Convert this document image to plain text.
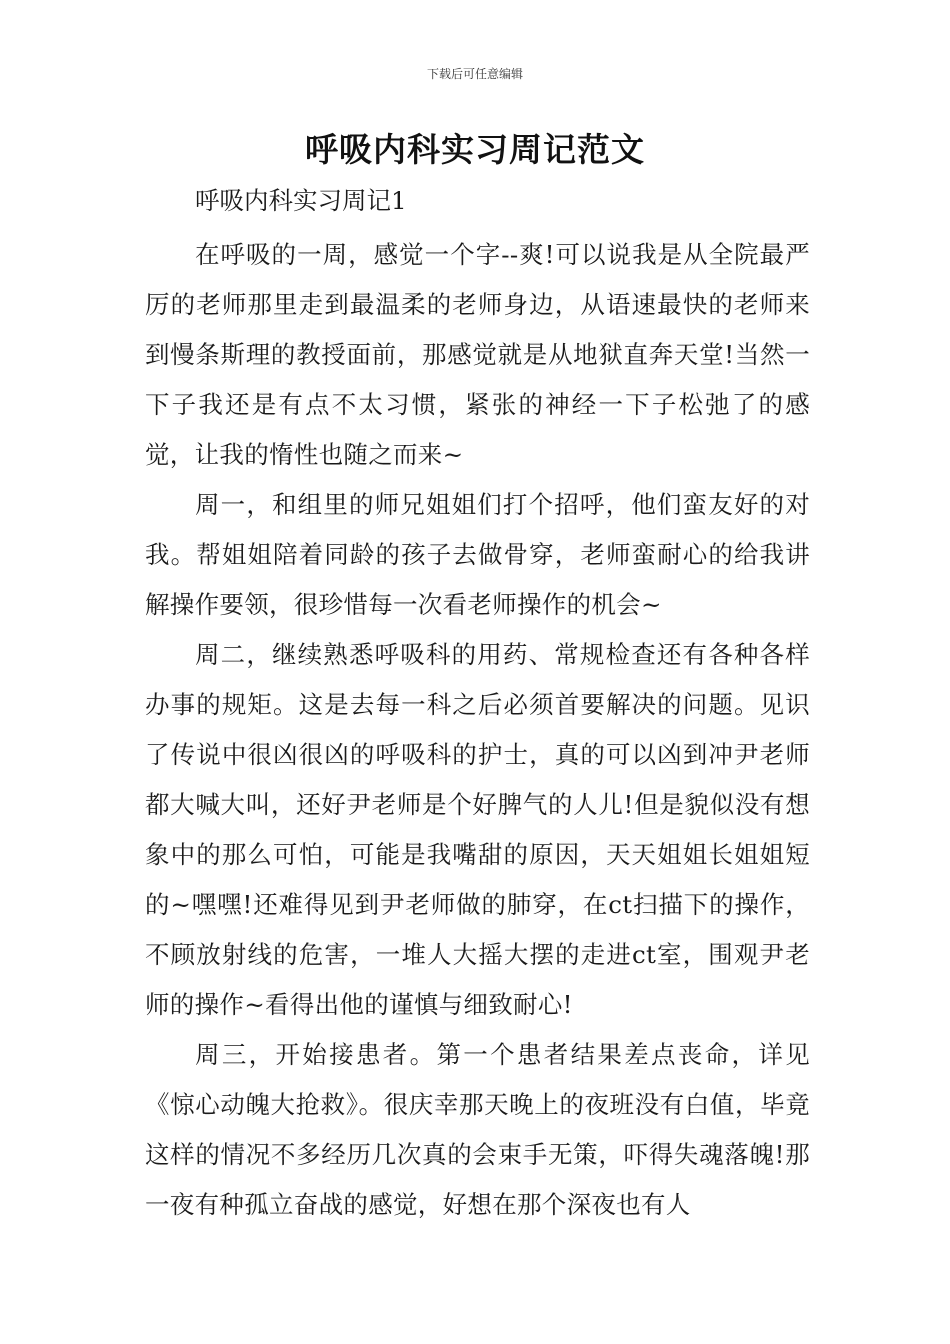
下载后可任意编辑
呼吸内科实习周记范文

呼吸内科实习周记1

在呼吸的一周，感觉一个字--爽!可以说我是从全院最严厉的老师那里走到最温柔的老师身边，从语速最快的老师来到慢条斯理的教授面前，那感觉就是从地狱直奔天堂!当然一下子我还是有点不太习惯，紧张的神经一下子松弛了的感觉，让我的惰性也随之而来~

周一，和组里的师兄姐姐们打个招呼，他们蛮友好的对我。帮姐姐陪着同龄的孩子去做骨穿，老师蛮耐心的给我讲解操作要领，很珍惜每一次看老师操作的机会~

周二，继续熟悉呼吸科的用药、常规检查还有各种各样办事的规矩。这是去每一科之后必须首要解决的问题。见识了传说中很凶很凶的呼吸科的护士，真的可以凶到冲尹老师都大喊大叫，还好尹老师是个好脾气的人儿!但是貌似没有想象中的那么可怕，可能是我嘴甜的原因，天天姐姐长姐姐短的~嘿嘿!还难得见到尹老师做的肺穿，在ct扫描下的操作，不顾放射线的危害，一堆人大摇大摆的走进ct室，围观尹老师的操作~看得出他的谨慎与细致耐心!

周三，开始接患者。第一个患者结果差点丧命，详见《惊心动魄大抢救》。很庆幸那天晚上的夜班没有白值，毕竟这样的情况不多经历几次真的会束手无策，吓得失魂落魄!那一夜有种孤立奋战的感觉，好想在那个深夜也有人
